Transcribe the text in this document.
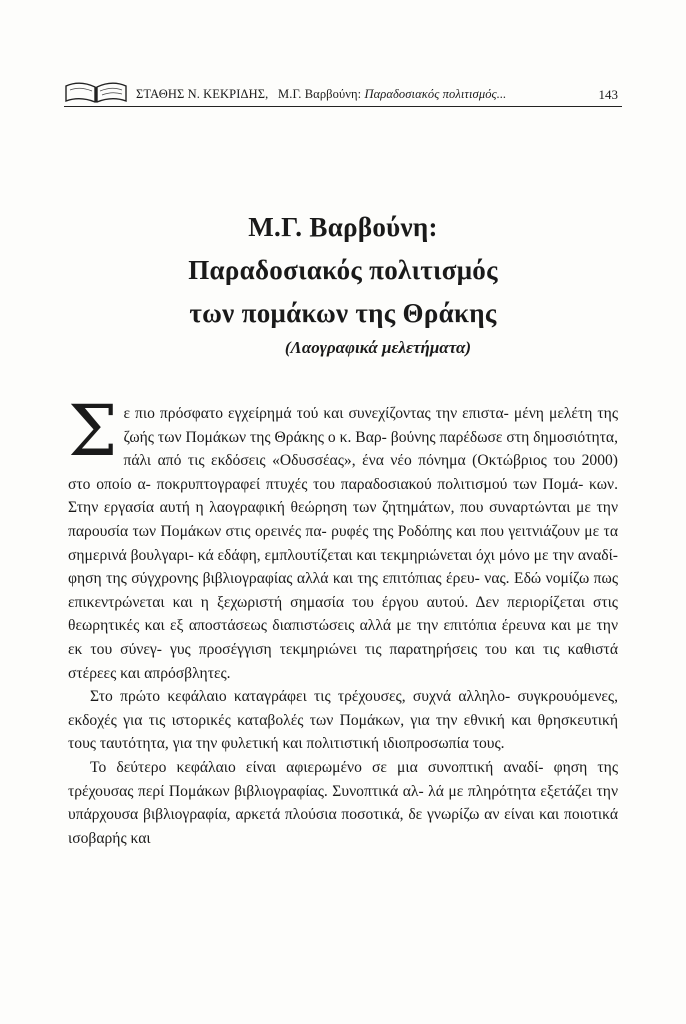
ΣΤΑΘΗΣ Ν. ΚΕΚΡΙΔΗΣ, Μ.Γ. Βαρβούνη: Παραδοσιακός πολιτισμός...	143
Μ.Γ. Βαρβούνη:
Παραδοσιακός πολιτισμός
των πομάκων της Θράκης
(Λαογραφικά μελετήματα)

Σε πιο πρόσφατο εγχείρημά τού και συνεχίζοντας την επιστα- μένη μελέτη της ζωής των Πομάκων της Θράκης ο κ. Βαρ- βούνης παρέδωσε στη δημοσιότητα, πάλι από τις εκδόσεις «Οδυσσέας», ένα νέο πόνημα (Οκτώβριος του 2000) στο οποίο α- ποκρυπτογραφεί πτυχές του παραδοσιακού πολιτισμού των Πομά- κων. Στην εργασία αυτή η λαογραφική θεώρηση των ζητημάτων, που συναρτώνται με την παρουσία των Πομάκων στις ορεινές πα- ρυφές της Ροδόπης και που γειτνιάζουν με τα σημερινά βουλγαρι- κά εδάφη, εμπλουτίζεται και τεκμηριώνεται όχι μόνο με την αναδί- φηση της σύγχρονης βιβλιογραφίας αλλά και της επιτόπιας έρευ- νας. Εδώ νομίζω πως επικεντρώνεται και η ξεχωριστή σημασία του έργου αυτού. Δεν περιορίζεται στις θεωρητικές και εξ αποστάσεως διαπιστώσεις αλλά με την επιτόπια έρευνα και με την εκ του σύνεγ- γυς προσέγγιση τεκμηριώνει τις παρατηρήσεις του και τις καθιστά στέρεες και απρόσβλητες.

Στο πρώτο κεφάλαιο καταγράφει τις τρέχουσες, συχνά αλληλο- συγκρουόμενες, εκδοχές για τις ιστορικές καταβολές των Πομάκων, για την εθνική και θρησκευτική τους ταυτότητα, για την φυλετική και πολιτιστική ιδιοπροσωπία τους.

Το δεύτερο κεφάλαιο είναι αφιερωμένο σε μια συνοπτική αναδί- φηση της τρέχουσας περί Πομάκων βιβλιογραφίας. Συνοπτικά αλ- λά με πληρότητα εξετάζει την υπάρχουσα βιβλιογραφία, αρκετά πλούσια ποσοτικά, δε γνωρίζω αν είναι και ποιοτικά ισοβαρής και
